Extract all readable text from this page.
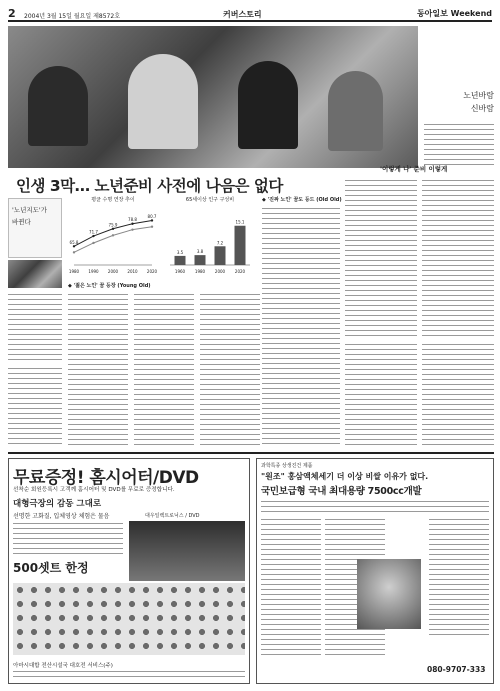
2 2004년 3월 15일 월요일 제8572호	커버스토리	동아일보 Weekend
노년바람
신바람
인생 3막… 노년준비 사전에 나음은 없다
'이렇게 나' 준비 이렇게
'노년지도'가
바뀐다
평균 수명 연장 추이
65.8
71.7
75.9
78.8
80.7
1980 1990 2000 2010 2020
65세이상 인구 구성비
3.5
1960
3.8
1980
7.2
2000
15.1
2020
◆ '젊은 노인' 꿈 등장 (Young Old)
◆ '진짜 노인' 꿈도 등드 (Old Old)
무료증정! 홈시어터/DVD
선착순 회원등록시 고객께 홈시어터 및 DVD를 무료로 증정합니다.
대형극장의 감동 그대로
선명한 고화질, 입체영상 체험은 물음	대우일렉트로닉스 / DVD
500셋트 한정
아마시대합 전산시설국 대호전 서비스(주)
과학특종 상생진건 제품
"원조" 홍삼액체세기 더 이상 비쌀 이유가 없다.
국민보급형 국내 최대용량 7500cc개발
080-9707-333
